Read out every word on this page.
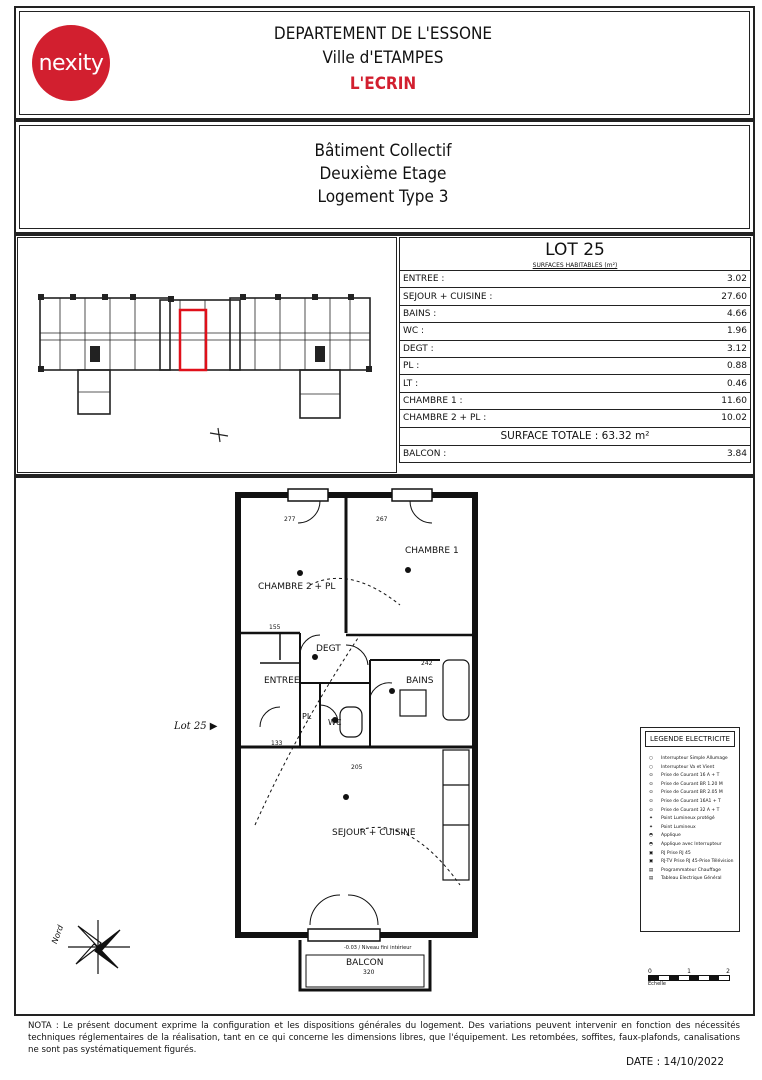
nexity
DEPARTEMENT DE L'ESSONE
Ville d'ETAMPES
L'ECRIN
Bâtiment Collectif
Deuxième Etage
Logement Type 3
LOT 25
SURFACES HABITABLES (m²)
ENTREE :	3.02
SEJOUR + CUISINE :	27.60
BAINS :	4.66
WC :	1.96
DEGT :	3.12
PL :	0.88
LT :	0.46
CHAMBRE 1 :	11.60
CHAMBRE 2 + PL :	10.02
SURFACE TOTALE : 63.32 m²
BALCON :	3.84
CHAMBRE 2 + PL
CHAMBRE 1
DEGT
ENTREE	BAINS
PL
WC
SEJOUR + CUISINE
-0.03 / Niveau fini intérieur
BALCON
320
277	267
242
205
155
133
Lot 25 ▶
Nord
LEGENDE ELECTRICITE
○	Interrupteur Simple Allumage
○	Interrupteur Va et Vient
⊙	Prise de Courant 16 A + T
⊙	Prise de Courant BR 1.20 M
⊙	Prise de Courant BR 2.05 M
⊙	Prise de Courant 16A1 + T
⊙	Prise de Courant 32 A + T
✦	Point Lumineux protégé
✦	Point Lumineux
◓	Applique
◓	Applique avec Interrupteur
▣	RJ Prise RJ 45
▣	RJ-TV Prise RJ 45-Prise Télévision
▤	Programmateur Chauffage
▤	Tableau Electrique Général
0	1	2
Echelle
NOTA : Le présent document exprime la configuration et les dispositions générales du logement. Des variations peuvent intervenir en fonction des nécessités techniques réglementaires de la réalisation, tant en ce qui concerne les dimensions libres, que l'équipement. Les retombées, soffites, faux-plafonds, canalisations ne sont pas systématiquement figurés.
DATE : 14/10/2022
